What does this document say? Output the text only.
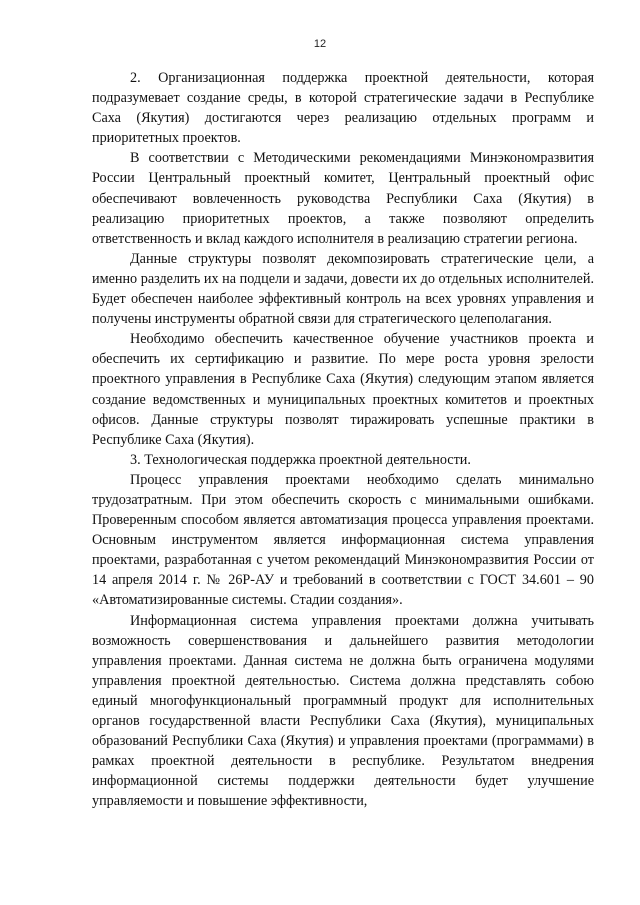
12

2. Организационная поддержка проектной деятельности, которая подразумевает создание среды, в которой стратегические задачи в Республике Саха (Якутия) достигаются через реализацию отдельных программ и приоритетных проектов.

В соответствии с Методическими рекомендациями Минэкономразвития России Центральный проектный комитет, Центральный проектный офис обеспечивают вовлеченность руководства Республики Саха (Якутия) в реализацию приоритетных проектов, а также позволяют определить ответственность и вклад каждого исполнителя в реализацию стратегии региона.

Данные структуры позволят декомпозировать стратегические цели, а именно разделить их на подцели и задачи, довести их до отдельных исполнителей. Будет обеспечен наиболее эффективный контроль на всех уровнях управления и получены инструменты обратной связи для стратегического целеполагания.

Необходимо обеспечить качественное обучение участников проекта и обеспечить их сертификацию и развитие. По мере роста уровня зрелости проектного управления в Республике Саха (Якутия) следующим этапом является создание ведомственных и муниципальных проектных комитетов и проектных офисов. Данные структуры позволят тиражировать успешные практики в Республике Саха (Якутия).

3. Технологическая поддержка проектной деятельности.

Процесс управления проектами необходимо сделать минимально трудозатратным. При этом обеспечить скорость с минимальными ошибками. Проверенным способом является автоматизация процесса управления проектами. Основным инструментом является информационная система управления проектами, разработанная с учетом рекомендаций Минэкономразвития России от 14 апреля 2014 г. № 26Р-АУ и требований в соответствии с ГОСТ 34.601 – 90 «Автоматизированные системы. Стадии создания».

Информационная система управления проектами должна учитывать возможность совершенствования и дальнейшего развития методологии управления проектами. Данная система не должна быть ограничена модулями управления проектной деятельностью. Система должна представлять собою единый многофункциональный программный продукт для исполнительных органов государственной власти Республики Саха (Якутия), муниципальных образований Республики Саха (Якутия) и управления проектами (программами) в рамках проектной деятельности в республике. Результатом внедрения информационной системы поддержки деятельности будет улучшение управляемости и повышение эффективности,
